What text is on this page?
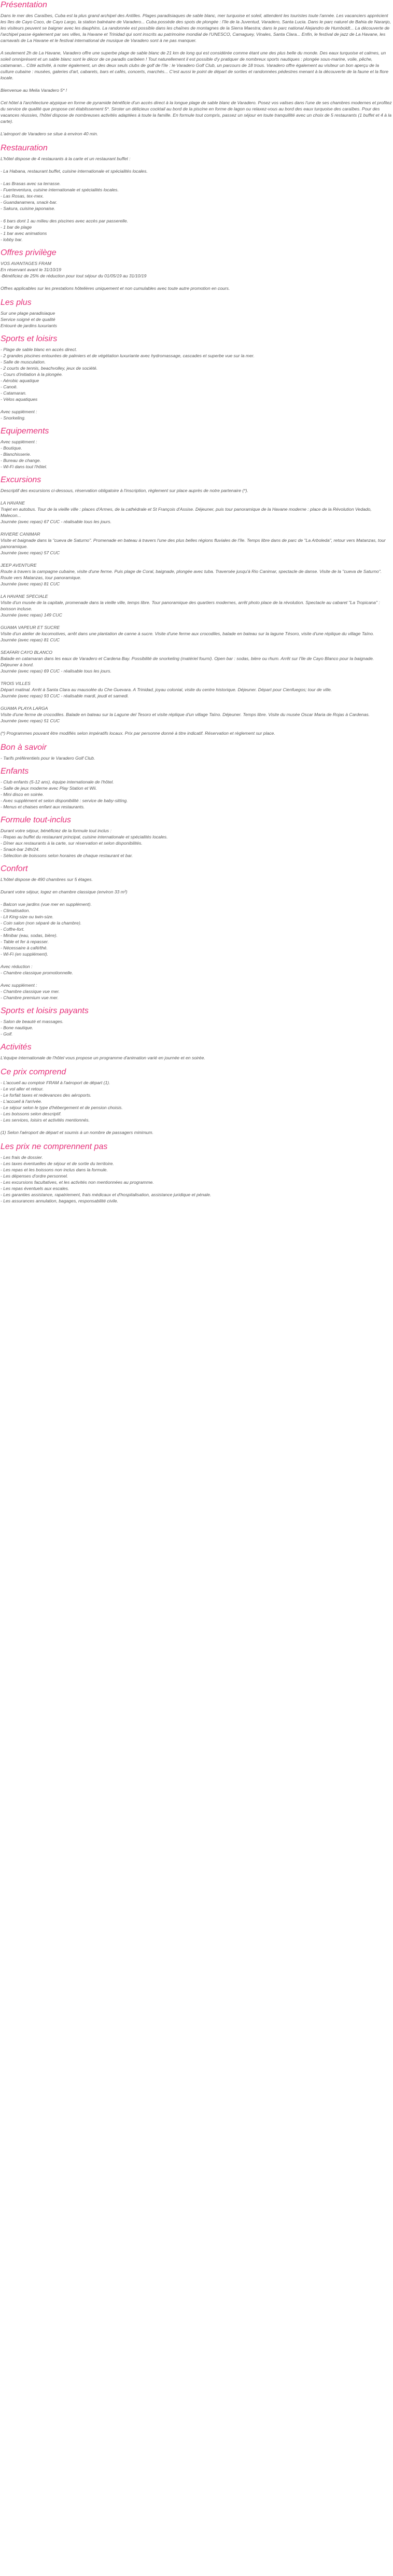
Présentation

Dans le mer des Caraïbes, Cuba est la plus grand archipel des Antilles. Plages paradisiaques de sable blanc, mer turquoise et soleil, attendent les touristes toute l'année. Les vacanciers apprécient les îles de Cayo Coco, de Cayo Largo, la station balnéaire de Varadero... Cuba possède des spots de plongée : l'île de la Juventud, Varadero, Santa Lucia. Dans le parc naturel de Bahia de Naranjo, les visiteurs peuvent se baigner avec les dauphins. La randonnée est possible dans les chaînes de montagnes de la Sierra Maestra; dans le parc national Alejandro de Humboldt... La découverte de l'archipel passe également par ses villes, la Havane et Trinidad qui sont inscrits au patrimoine mondial de l'UNESCO, Camaguey, Vinales, Santa Clara... Enfin, le festival de jazz de La Havane, les carnavals de La Havane et le festival international de musique de Varadero sont à ne pas manquer.

A seulement 2h de La Havane, Varadero offre une superbe plage de sable blanc de 21 km de long qui est considérée comme étant une des plus belle du monde. Des eaux turquoise et calmes, un soleil omniprésent et un sable blanc sont le décor de ce paradis caribéen ! Tout naturellement il est possible d'y pratiquer de nombreux sports nautiques : plongée sous-marine, voile, pêche, catamaran... Côté activité, à noter également, un des deux seuls clubs de golf de l'île : le Varadero Golf Club, un parcours de 18 trous. Varadero offre également au visiteur un bon aperçu de la culture cubaine : musées, galeries d'art, cabarets, bars et cafés, concerts, marchés... C'est aussi le point de départ de sorties et randonnées pédestres menant à la découverte de la faune et la flore locale.

Bienvenue au Melia Varadero 5* !

Cet hôtel à l'architecture atypique en forme de pyramide bénéficie d'un accès direct à la longue plage de sable blanc de Varadero. Posez vos valises dans l'une de ses chambres modernes et profitez du service de qualité que propose cet établissement 5*. Siroter un délicieux cocktail au bord de la piscine en forme de lagon ou relaxez-vous au bord des eaux turquoise des caraïbes. Pour des vacances réussies, l'hôtel dispose de nombreuses activités adaptées à toute la famille. En formule tout compris, passez un séjour en toute tranquillité avec un choix de 5 restaurants (1 buffet et 4 à la carte).

L'aéroport de Varadero se situe à environ 40 min.

Restauration

L'hôtel dispose de 4 restaurants à la carte et un restaurant buffet :

- La Habana, restaurant buffet, cuisine internationale et spécialités locales.
- Las Brasas avec sa terrasse.
- Fuerteventura, cuisine internationale et spécialités locales.
- Las Rosas, tex-mex.
- Guandanamera, snack-bar.
- Sakura, cuisine japonaise.
- 6 bars dont 1 au milieu des piscines avec accès par passerelle.
- 1 bar de plage
- 1 bar avec animations
- lobby bar.
Offres privilège
VOS AVANTAGES FRAM
En réservant avant le 31/10/19
-Bénéficiez de 25% de réduction pour tout séjour du 01/05/19 au 31/10/19

Offres applicables sur les prestations hôtelières uniquement et non cumulables avec toute autre promotion en cours.

Les plus
Sur une plage paradisiaque
Service soigné et de qualité
Entouré de jardins luxuriants
Sports et loisirs
- Plage de sable blanc en accès direct.
- 2 grandes piscines entourées de palmiers et de végétation luxuriante avec hydromassage, cascades et superbe vue sur la mer.
- Salle de musculation.
- 2 courts de tennis, beachvolley, jeux de société.
- Cours d'initiation à la plongée.
- Aérobic aquatique
- Canoë.
- Catamaran.
- Vélos aquatiques
Avec supplément :
- Snorkeling.
Equipements
Avec supplément :
- Boutique.
- Blanchisserie.
- Bureau de change.
- Wi-Fi dans tout l'hôtel.
Excursions

Descriptif des excursions ci-dessous, réservation obligatoire à l'inscription, règlement sur place auprès de notre partenaire (*).

LA HAVANE
Trajet en autobus. Tour de la vieille ville : places d'Armes, de la cathédrale et St François d'Assise. Déjeuner, puis tour panoramique de la Havane moderne : place de la Révolution Vedado, Malecon...
Journée (avec repas) 67 CUC - réalisable tous les jours.
RIVIERE CANIMAR
Visite et baignade dans la "cueva de Saturno". Promenade en bateau à travers l'une des plus belles régions fluviales de l'île. Temps libre dans de parc de "La Arboleda", retour vers Matanzas, tour panoramique.
Journée (avec repas) 57 CUC
JEEP AVENTURE
Route à travers la campagne cubaine, visite d'une ferme. Puis plage de Coral, baignade, plongée avec tuba. Traversée jusqu'à Rio Canimar, spectacle de danse. Visite de la "cueva de Saturno". Route vers Matanzas, tour panoramique.
Journée (avec repas) 81 CUC
LA HAVANE SPECIALE
Visite d'un musée de la capitale, promenade dans la vieille ville, temps libre. Tour panoramique des quartiers modernes, arrêt photo place de la révolution. Spectacle au cabaret "La Tropicana" : boisson incluse.
Journée (avec repas) 149 CUC
GUAMA VAPEUR ET SUCRE
Visite d'un atelier de locomotives, arrêt dans une plantation de canne à sucre. Visite d'une ferme aux crocodiles, balade en bateau sur la lagune Tésoro, visite d'une réplique du village Taïno.
Journée (avec repas) 81 CUC
SEAFARI CAYO BLANCO
Balade en catamaran dans les eaux de Varadero et Cardena Bay. Possibilité de snorkeling (matériel fourni). Open bar : sodas, bière ou rhum. Arrêt sur l'île de Cayo Blanco pour la baignade. Déjeuner à bord.
Journée (avec repas) 69 CUC - réalisable tous les jours.
TROIS VILLES
Départ matinal. Arrêt à Santa Clara au mausolée du Che Guevara. A Trinidad, joyau colonial, visite du centre historique. Déjeuner. Départ pour Cienfuegos; tour de ville.
Journée (avec repas) 93 CUC - réalisable mardi, jeudi et samedi.
GUAMA PLAYA LARGA
Visite d'une ferme de crocodiles. Balade en bateau sur la Lagune del Tesoro et visite réplique d'un village Taïno. Déjeuner. Temps libre. Visite du musée Oscar Maria de Rojas à Cardenas.
Journée (avec repas) 51 CUC

(*) Programmes pouvant être modifiés selon impératifs locaux. Prix par personne donné à titre indicatif. Réservation et règlement sur place.

Bon à savoir
- Tarifs préférentiels pour le Varadero Golf Club.
Enfants
- Club enfants (5-12 ans), équipe internationale de l'hôtel.
- Salle de jeux moderne avec Play Station et Wii.
- Mini disco en soirée.
- Avec supplément et selon disponibilité : service de baby-sitting.
- Menus et chaises enfant aux restaurants.
Formule tout-inclus
Durant votre séjour, bénéficiez de la formule tout inclus :
- Repas au buffet du restaurant principal, cuisine internationale et spécialités locales.
- Dîner aux restaurants à la carte, sur réservation et selon disponibilités.
- Snack-bar 24h/24.
- Sélection de boissons selon horaires de chaque restaurant et bar.
Confort

L'hôtel dispose de 490 chambres sur 5 étages.

Durant votre séjour, logez en chambre classique (environ 33 m²)
- Balcon vue jardins (vue mer en supplément).
- Climatisation.
- Lit King-size ou twin-size.
- Coin salon (non séparé de la chambre).
- Coffre-fort.
- Minibar (eau, sodas, bière).
- Table et fer à repasser.
- Nécessaire à café/thé.
- Wi-Fi (en supplément).
Avec réduction :
- Chambre classique promotionnelle.
Avec supplément :
- Chambre classique vue mer.
- Chambre premium vue mer.
Sports et loisirs payants
- Salon de beauté et massages.
- Bone nautique.
- Golf.
Activités

L'équipe internationale de l'hôtel vous propose un programme d'animation varié en journée et en soirée.

Ce prix comprend
- L'accueil au comptoir FRAM à l'aéroport de départ (1).
- Le vol aller et retour.
- Le forfait taxes et redevances des aéroports.
- L'accueil à l'arrivée.
- Le séjour selon le type d'hébergement et de pension choisis.
- Les boissons selon descriptif.
- Les services, loisirs et activités mentionnés.

(1) Selon l'aéroport de départ et soumis à un nombre de passagers minimum.

Les prix ne comprennent pas
- Les frais de dossier.
- Les taxes éventuelles de séjour et de sortie du territoire.
- Les repas et les boissons non inclus dans la formule.
- Les dépenses d'ordre personnel.
- Les excursions facultatives, et les activités non mentionnées au programme.
- Les repas éventuels aux escales.
- Les garanties assistance, rapatriement, frais médicaux et d'hospitalisation, assistance juridique et pénale.
- Les assurances annulation, bagages, responsabilité civile.
